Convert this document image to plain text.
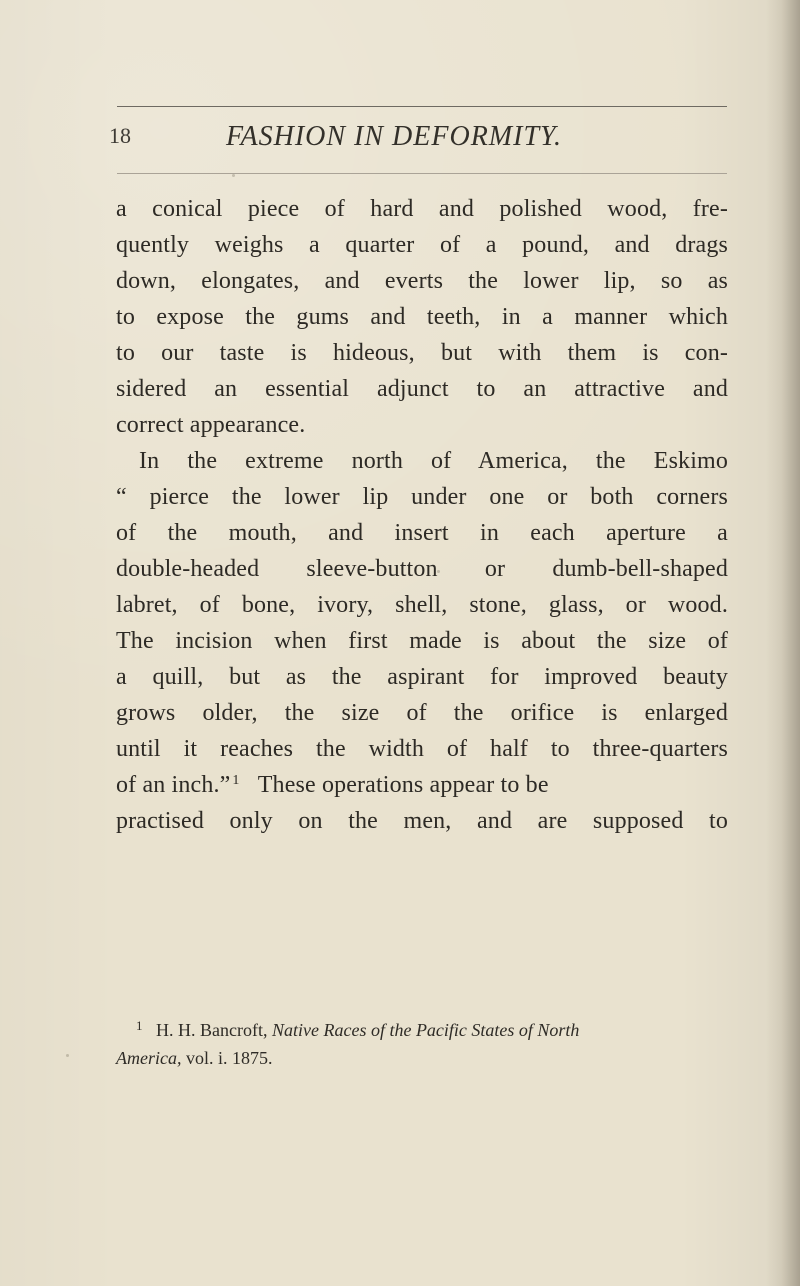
18	FASHION IN DEFORMITY.
a conical piece of hard and polished wood, fre-
quently weighs a quarter of a pound, and drags
down, elongates, and everts the lower lip, so as
to expose the gums and teeth, in a manner which
to our taste is hideous, but with them is con-
sidered an essential adjunct to an attractive and
correct appearance.
In the extreme north of America, the Eskimo
“ pierce the lower lip under one or both corners
of the mouth, and insert in each aperture a
double-headed sleeve-button or dumb-bell-shaped
labret, of bone, ivory, shell, stone, glass, or wood.
The incision when first made is about the size of
a quill, but as the aspirant for improved beauty
grows older, the size of the orifice is enlarged
until it reaches the width of half to three-quarters
of an inch.” $^1$ These operations appear to be
practised only on the men, and are supposed to
$^1$ H. H. Bancroft, Native Races of the Pacific States of North
America, vol. i. 1875.
